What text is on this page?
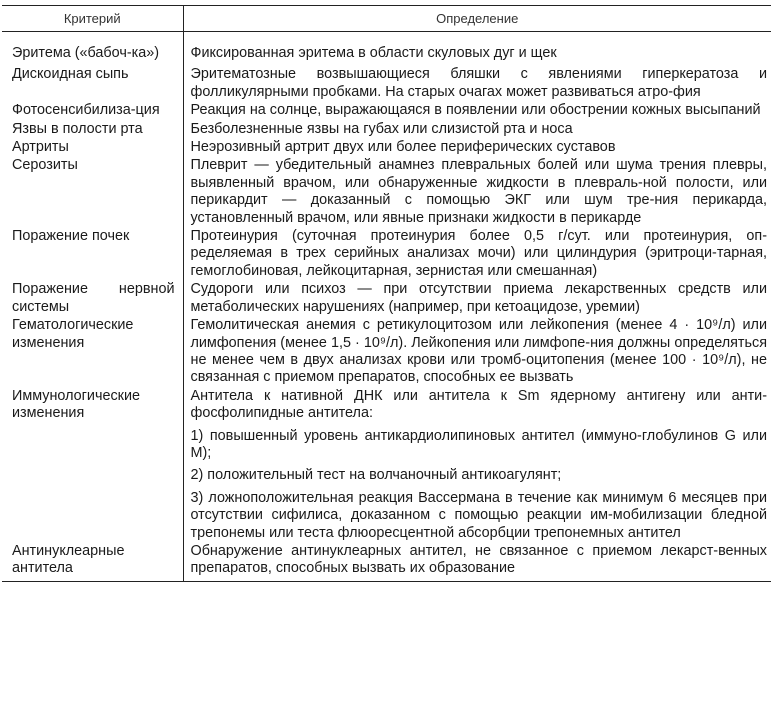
Критерий	Определение
Эритема («бабоч-ка»)	Фиксированная эритема в области скуловых дуг и щек

Дискоидная сыпь	Эритематозные возвышающиеся бляшки с явлениями гиперкератоза и фолликулярными пробками. На старых очагах может развиваться атро-фия

Фотосенсибилиза-ция	Реакция на солнце, выражающаяся в появлении или обострении кожных высыпаний

Язвы в полости рта	Безболезненные язвы на губах или слизистой рта и носа

Артриты	Неэрозивный артрит двух или более периферических суставов

Серозиты	Плеврит — убедительный анамнез плевральных болей или шума трения плевры, выявленный врачом, или обнаруженные жидкости в плевраль-ной полости, или перикардит — доказанный с помощью ЭКГ или шум тре-ния перикарда, установленный врачом, или явные признаки жидкости в перикарде

Поражение почек	Протеинурия (суточная протеинурия более 0,5 г/сут. или протеинурия, оп-ределяемая в трех серийных анализах мочи) или цилиндурия (эритроци-тарная, гемоглобиновая, лейкоцитарная, зернистая или смешанная)

Поражение нервной системы	Судороги или психоз — при отсутствии приема лекарственных средств или метаболических нарушениях (например, при кетоацидозе, уремии)

Гематологические изменения	Гемолитическая анемия с ретикулоцитозом или лейкопения (менее 4 · 10⁹/л) или лимфопения (менее 1,5 · 10⁹/л). Лейкопения или лимфопе-ния должны определяться не менее чем в двух анализах крови или тромб-оцитопения (менее 100 · 10⁹/л), не связанная с приемом препаратов, способных ее вызвать

Иммунологические изменения	Антитела к нативной ДНК или антитела к Sm ядерному антигену или анти-фосфолипидные антитела:
1) повышенный уровень антикардиолипиновых антител (иммуно-глобулинов G или M);
2) положительный тест на волчаночный антикоагулянт;
3) ложноположительная реакция Вассермана в течение как минимум 6 месяцев при отсутствии сифилиса, доказанном с помощью реакции им-мобилизации бледной трепонемы или теста флюоресцентной абсорбции трепонемных антител

Антинуклеарные антитела	Обнаружение антинуклеарных антител, не связанное с приемом лекарст-венных препаратов, способных вызвать их образование
